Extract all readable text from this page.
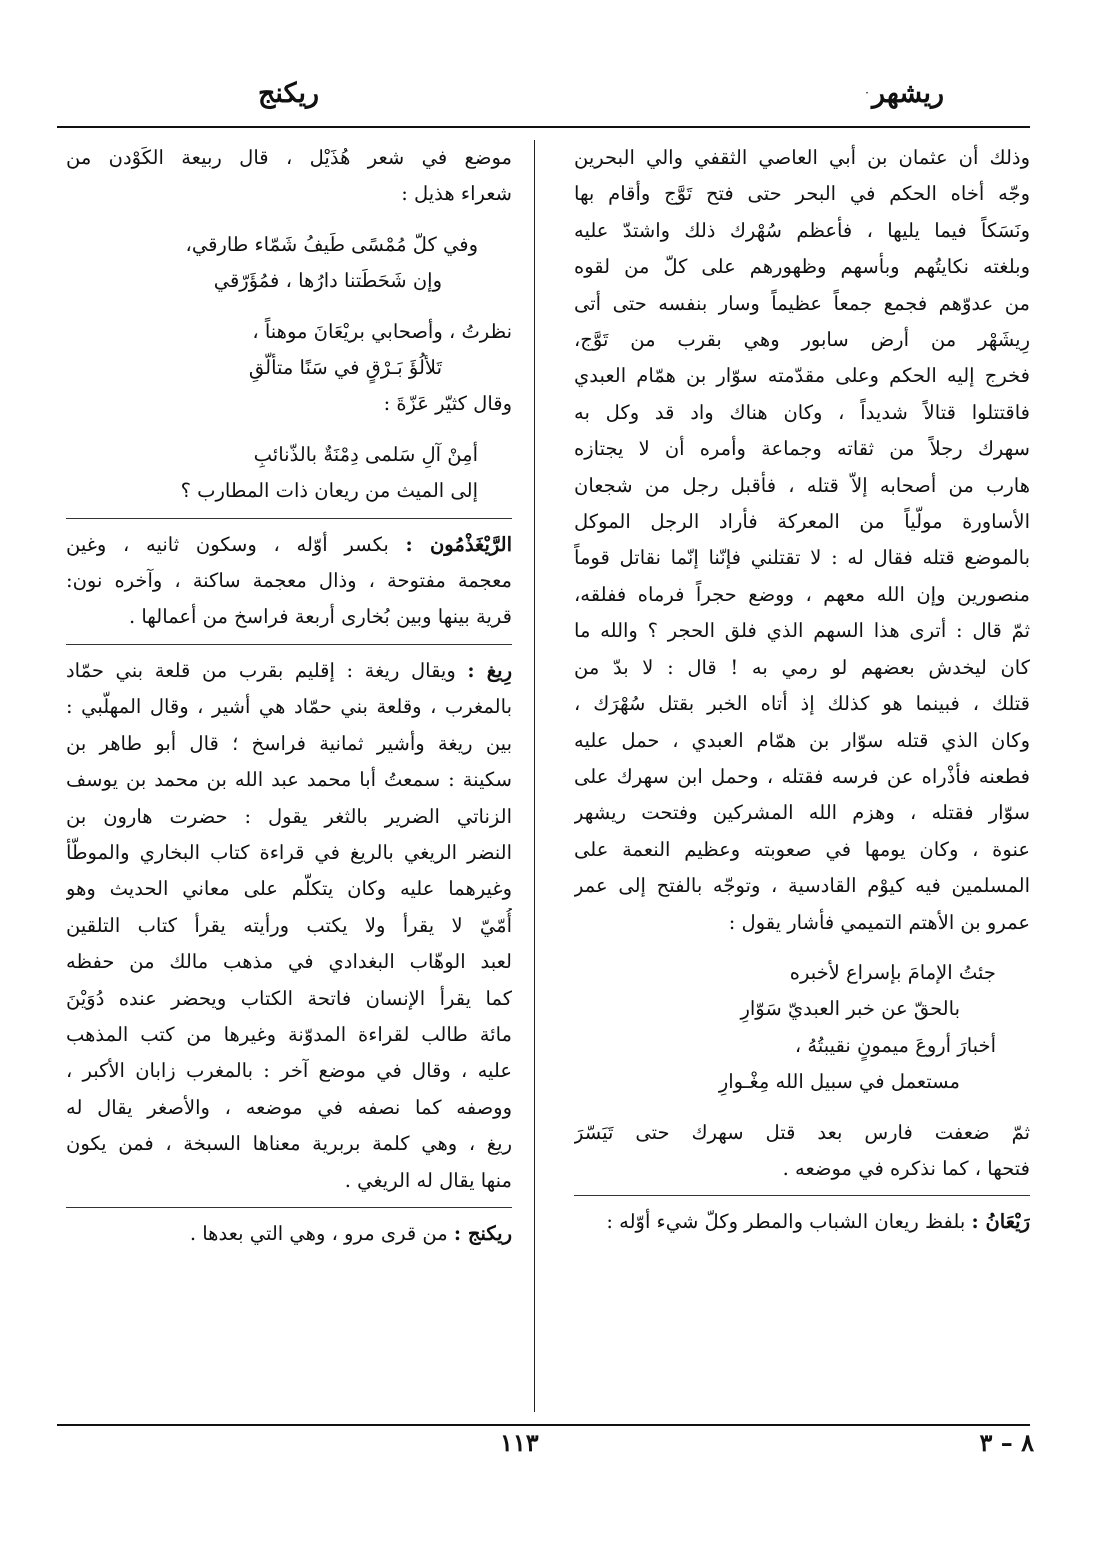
· ريشهر
ريكنج
وذلك أن عثمان بن أبي العاصي الثقفي والي البحرين
وجّه أخاه الحكم في البحر حتى فتح تَوَّج وأقام بها
ونَسَكاً فيما يليها ، فأعظم سُهْرك ذلك واشتدّ عليه
وبلغته نكايتُهم وبأسهم وظهورهم على كلّ من لقوه
من عدوّهم فجمع جمعاً عظيماً وسار بنفسه حتى أتى
رِيشَهْر من أرض سابور وهي بقرب من تَوَّج،
فخرج إليه الحكم وعلى مقدّمته سوّار بن همّام العبدي
فاقتتلوا قتالاً شديداً ، وكان هناك واد قد وكل به
سهرك رجلاً من ثقاته وجماعة وأمره أن لا يجتازه
هارب من أصحابه إلاّ قتله ، فأقبل رجل من شجعان
الأساورة مولّياً من المعركة فأراد الرجل الموكل
بالموضع قتله فقال له : لا تقتلني فإنّنا إنّما نقاتل قوماً
منصورين وإن الله معهم ، ووضع حجراً فرماه ففلقه،
ثمّ قال : أترى هذا السهم الذي فلق الحجر ؟ والله ما
كان ليخدش بعضهم لو رمي به ! قال : لا بدّ من
قتلك ، فبينما هو كذلك إذ أتاه الخبر بقتل سُهْرَك ،
وكان الذي قتله سوّار بن همّام العبدي ، حمل عليه
فطعنه فأذْراه عن فرسه فقتله ، وحمل ابن سهرك على
سوّار فقتله ، وهزم الله المشركين وفتحت ريشهر
عنوة ، وكان يومها في صعوبته وعظيم النعمة على
المسلمين فيه كيوْم القادسية ، وتوجّه بالفتح إلى عمر
عمرو بن الأهتم التميمي فأشار يقول :
جئتُ الإمامَ بإسراع لأخبره
بالحقّ عن خبر العبديّ سَوّارِ
أخبارَ أروعَ ميمونٍ نقيبتُهُ ،
مستعمل في سبيل الله مِغْـوارِ
ثمّ ضعفت فارس بعد قتل سهرك حتى تَيَسّرَ
فتحها ، كما نذكره في موضعه .
رَيْعَانُ : بلفظ ريعان الشباب والمطر وكلّ شيء أوّله :
موضع في شعر هُذَيْل ، قال ربيعة الكَوْدن من
شعراء هذيل :
وفي كلّ مُمْسًى طَيفُ شَمّاء طارقي،
وإن شَحَطَتنا دارُها ، فمُؤَرّقي
نظرتُ ، وأصحابي بريْعَانَ موهناً ،
تَلألُؤَ بَـرْقٍ في سَنًا متألّقِ
وقال كثيّر عَزّةَ :
أمِنْ آلِ سَلمى دِمْنَةٌ بالذّنائبِ
إلى الميث من ريعان ذات المطارب ؟
الرَّيْغَذْمُون : بكسر أوّله ، وسكون ثانيه ، وغين
معجمة مفتوحة ، وذال معجمة ساكنة ، وآخره نون:
قرية بينها وبين بُخارى أربعة فراسخ من أعمالها .
رِيغ : ويقال ريغة : إقليم بقرب من قلعة بني حمّاد
بالمغرب ، وقلعة بني حمّاد هي أشير ، وقال المهلّبي :
بين ريغة وأشير ثمانية فراسخ ؛ قال أبو طاهر بن
سكينة : سمعتُ أبا محمد عبد الله بن محمد بن يوسف
الزناتي الضرير بالثغر يقول : حضرت هارون بن
النضر الريغي بالريغ في قراءة كتاب البخاري والموطّأ
وغيرهما عليه وكان يتكلّم على معاني الحديث وهو
أُمّيّ لا يقرأ ولا يكتب ورأيته يقرأ كتاب التلقين
لعبد الوهّاب البغدادي في مذهب مالك من حفظه
كما يقرأ الإنسان فاتحة الكتاب ويحضر عنده دُوَيْنَ
مائة طالب لقراءة المدوّنة وغيرها من كتب المذهب
عليه ، وقال في موضع آخر : بالمغرب زابان الأكبر ،
ووصفه كما نصفه في موضعه ، والأصغر يقال له
ريغ ، وهي كلمة بربرية معناها السبخة ، فمن يكون
منها يقال له الريغي .
ريكنج : من قرى مرو ، وهي التي بعدها .
١١٣	٨ – ٣
